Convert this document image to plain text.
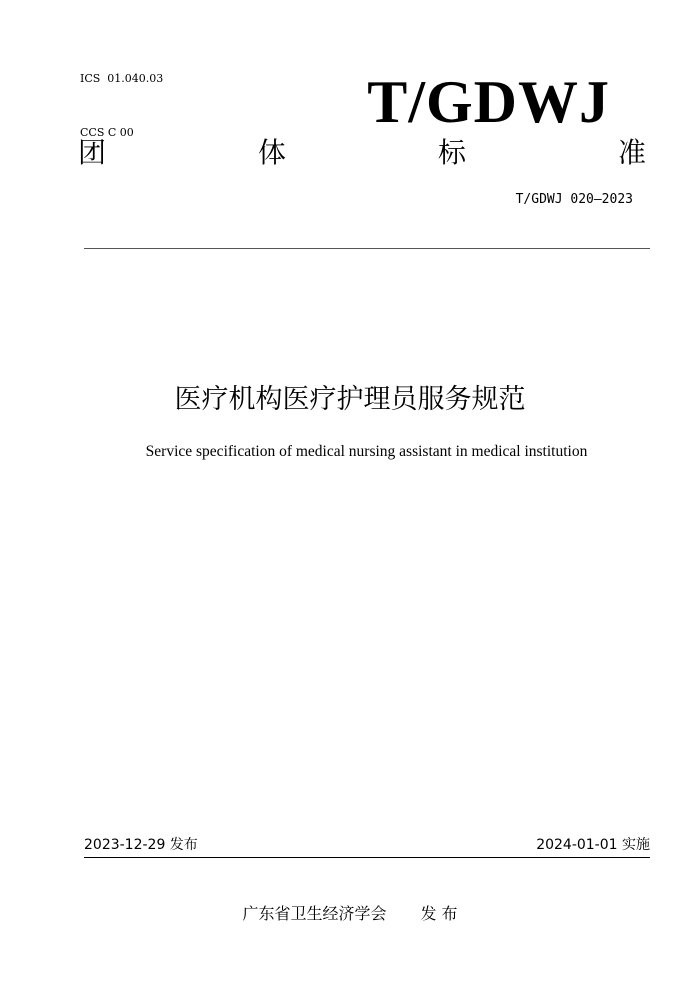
ICS  01.040.03

CCS C 00	T/GDWJ
团	体	标	准
T/GDWJ 020—2023
医疗机构医疗护理员服务规范
Service specification of medical nursing assistant in medical institution
2023-12-29 发布	2024-01-01 实施
广东省卫生经济学会 发 布
